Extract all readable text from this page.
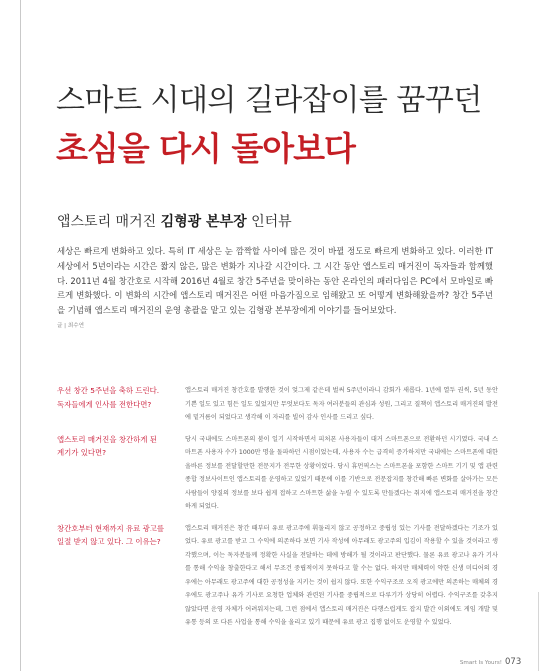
스마트 시대의 길라잡이를 꿈꾸던
초심을 다시 돌아보다
앱스토리 매거진 김형광 본부장 인터뷰
세상은 빠르게 변화하고 있다. 특히 IT 세상은 눈 깜짝할 사이에 많은 것이 바뀔 정도로 빠르게 변화하고 있다. 이러한 IT 세상에서 5년이라는 시간은 짧지 않은, 많은 변화가 지나갈 시간이다. 그 시간 동안 앱스토리 매거진이 독자들과 함께했다. 2011년 4월 창간호로 시작해 2016년 4월로 창간 5주년을 맞이하는 동안 온라인의 패러다임은 PC에서 모바일로 빠르게 변화했다. 이 변화의 시간에 앱스토리 매거진은 어떤 마음가짐으로 임해왔고 또 어떻게 변화해왔을까? 창간 5주년을 기념해 앱스토리 매거진의 운영 총괄을 맡고 있는 김형광 본부장에게 이야기를 들어보았다.
글 | 최수연
우선 창간 5주년을 축하 드린다.
독자들에게 인사를 전한다면?
앱스토리 매거진 창간호를 발행한 것이 엊그제 같은데 벌써 5주년이라니 감회가 새롭다. 1년에 열두 권씩, 5년 동안 기쁜 일도 있고 힘든 일도 있었지만 무엇보다도 독자 여러분들의 관심과 성원, 그리고 질책이 앱스토리 매거진의 발전에 밑거름이 되었다고 생각해 이 자리를 빌어 감사 인사를 드리고 싶다.
앱스토리 매거진을 창간하게 된
계기가 있다면?
당시 국내에도 스마트폰의 붐이 일기 시작하면서 피처폰 사용자들이 대거 스마트폰으로 전환하던 시기였다. 국내 스마트폰 사용자 수가 1000만 명을 돌파하던 시점이었는데, 사용자 수는 급격히 증가하지만 국내에는 스마트폰에 대한 올바른 정보를 전달할만한 전문지가 전무한 상황이었다. 당시 휴먼픽스는 스마트폰을 포함한 스마트 기기 및 앱 관련 종합 정보사이트인 앱스토리를 운영하고 있었기 때문에 이를 기반으로 전문잡지를 창간해 빠른 변화를 살아가는 모든 사람들이 양질의 정보를 보다 쉽게 접하고 스마트한 삶을 누릴 수 있도록 만들겠다는 취지에 앱스토리 매거진을 창간하게 되었다.
창간호부터 현재까지 유료 광고를
일절 받지 않고 있다. 그 이유는?
앱스토리 매거진은 창간 때부터 유료 광고주에 휘둘리지 않고 공정하고 중립성 있는 기사를 전달하겠다는 기조가 있었다. 유료 광고를 받고 그 수익에 의존하다 보면 기사 작성에 아무래도 광고주의 입김이 작용할 수 있을 것이라고 생각했으며, 이는 독자분들께 정확한 사실을 전달하는 데에 방해가 될 것이라고 판단했다. 물론 유료 광고나 유가 기사를 통해 수익을 창출한다고 해서 무조건 중립적이지 못하다고 할 수는 없다. 하지만 매체력이 약한 신생 미디어의 경우에는 아무래도 광고주에 대한 공정성을 지키는 것이 쉽지 않다. 또한 수익구조로 오직 광고에만 의존하는 매체의 경우에도 광고주나 유가 기사로 요청한 업체와 관련된 기사를 중립적으로 다루기가 상당히 어렵다. 수익구조를 갖추지 않았다면 운영 자체가 어려워지는데, 그런 점에서 앱스토리 매거진은 다행스럽게도 잡지 발간 이외에도 게임 개발 및 유통 등의 또 다른 사업을 통해 수익을 올리고 있기 때문에 유료 광고 집행 없이도 운영할 수 있었다.
Smart Is Yours! 073
